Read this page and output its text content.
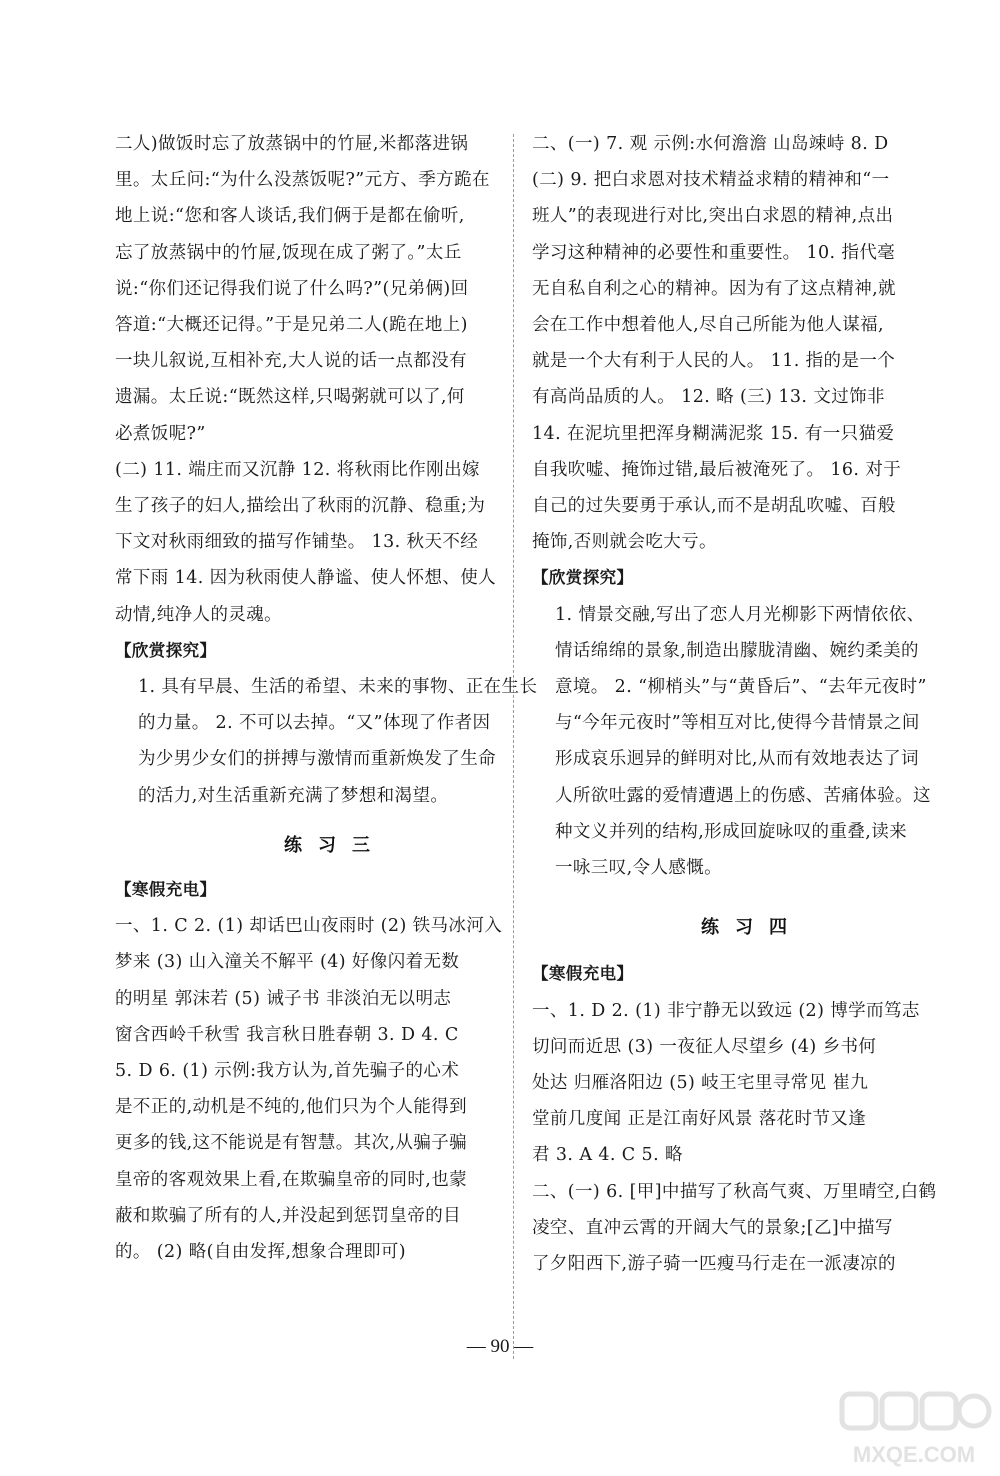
二人)做饭时忘了放蒸锅中的竹屉,米都落进锅
里。太丘问:“为什么没蒸饭呢?”元方、季方跪在
地上说:“您和客人谈话,我们俩于是都在偷听,
忘了放蒸锅中的竹屉,饭现在成了粥了。”太丘
说:“你们还记得我们说了什么吗?”(兄弟俩)回
答道:“大概还记得。”于是兄弟二人(跪在地上)
一块儿叙说,互相补充,大人说的话一点都没有
遗漏。太丘说:“既然这样,只喝粥就可以了,何
必煮饭呢?”
(二) 11. 端庄而又沉静 12. 将秋雨比作刚出嫁
生了孩子的妇人,描绘出了秋雨的沉静、稳重;为
下文对秋雨细致的描写作铺垫。 13. 秋天不经
常下雨 14. 因为秋雨使人静谧、使人怀想、使人
动情,纯净人的灵魂。
【欣赏探究】
1. 具有早晨、生活的希望、未来的事物、正在生长
的力量。 2. 不可以去掉。“又”体现了作者因
为少男少女们的拼搏与激情而重新焕发了生命
的活力,对生活重新充满了梦想和渴望。
练习三
【寒假充电】
一、1. C 2. (1) 却话巴山夜雨时 (2) 铁马冰河入
梦来 (3) 山入潼关不解平 (4) 好像闪着无数
的明星 郭沫若 (5) 诫子书 非淡泊无以明志
窗含西岭千秋雪 我言秋日胜春朝 3. D 4. C
5. D 6. (1) 示例:我方认为,首先骗子的心术
是不正的,动机是不纯的,他们只为个人能得到
更多的钱,这不能说是有智慧。其次,从骗子骗
皇帝的客观效果上看,在欺骗皇帝的同时,也蒙
蔽和欺骗了所有的人,并没起到惩罚皇帝的目
的。 (2) 略(自由发挥,想象合理即可)
二、(一) 7. 观 示例:水何澹澹 山岛竦峙 8. D
(二) 9. 把白求恩对技术精益求精的精神和“一
班人”的表现进行对比,突出白求恩的精神,点出
学习这种精神的必要性和重要性。 10. 指代毫
无自私自利之心的精神。因为有了这点精神,就
会在工作中想着他人,尽自己所能为他人谋福,
就是一个大有利于人民的人。 11. 指的是一个
有高尚品质的人。 12. 略 (三) 13. 文过饰非
14. 在泥坑里把浑身糊满泥浆 15. 有一只猫爱
自我吹嘘、掩饰过错,最后被淹死了。 16. 对于
自己的过失要勇于承认,而不是胡乱吹嘘、百般
掩饰,否则就会吃大亏。
【欣赏探究】
1. 情景交融,写出了恋人月光柳影下两情依依、
情话绵绵的景象,制造出朦胧清幽、婉约柔美的
意境。 2. “柳梢头”与“黄昏后”、“去年元夜时”
与“今年元夜时”等相互对比,使得今昔情景之间
形成哀乐迥异的鲜明对比,从而有效地表达了词
人所欲吐露的爱情遭遇上的伤感、苦痛体验。这
种文义并列的结构,形成回旋咏叹的重叠,读来
一咏三叹,令人感慨。
练习四
【寒假充电】
一、1. D 2. (1) 非宁静无以致远 (2) 博学而笃志
切问而近思 (3) 一夜征人尽望乡 (4) 乡书何
处达 归雁洛阳边 (5) 岐王宅里寻常见 崔九
堂前几度闻 正是江南好风景 落花时节又逢
君 3. A 4. C 5. 略
二、(一) 6. [甲]中描写了秋高气爽、万里晴空,白鹤
凌空、直冲云霄的开阔大气的景象;[乙]中描写
了夕阳西下,游子骑一匹瘦马行走在一派凄凉的
— 90 —
MXQE.COM
